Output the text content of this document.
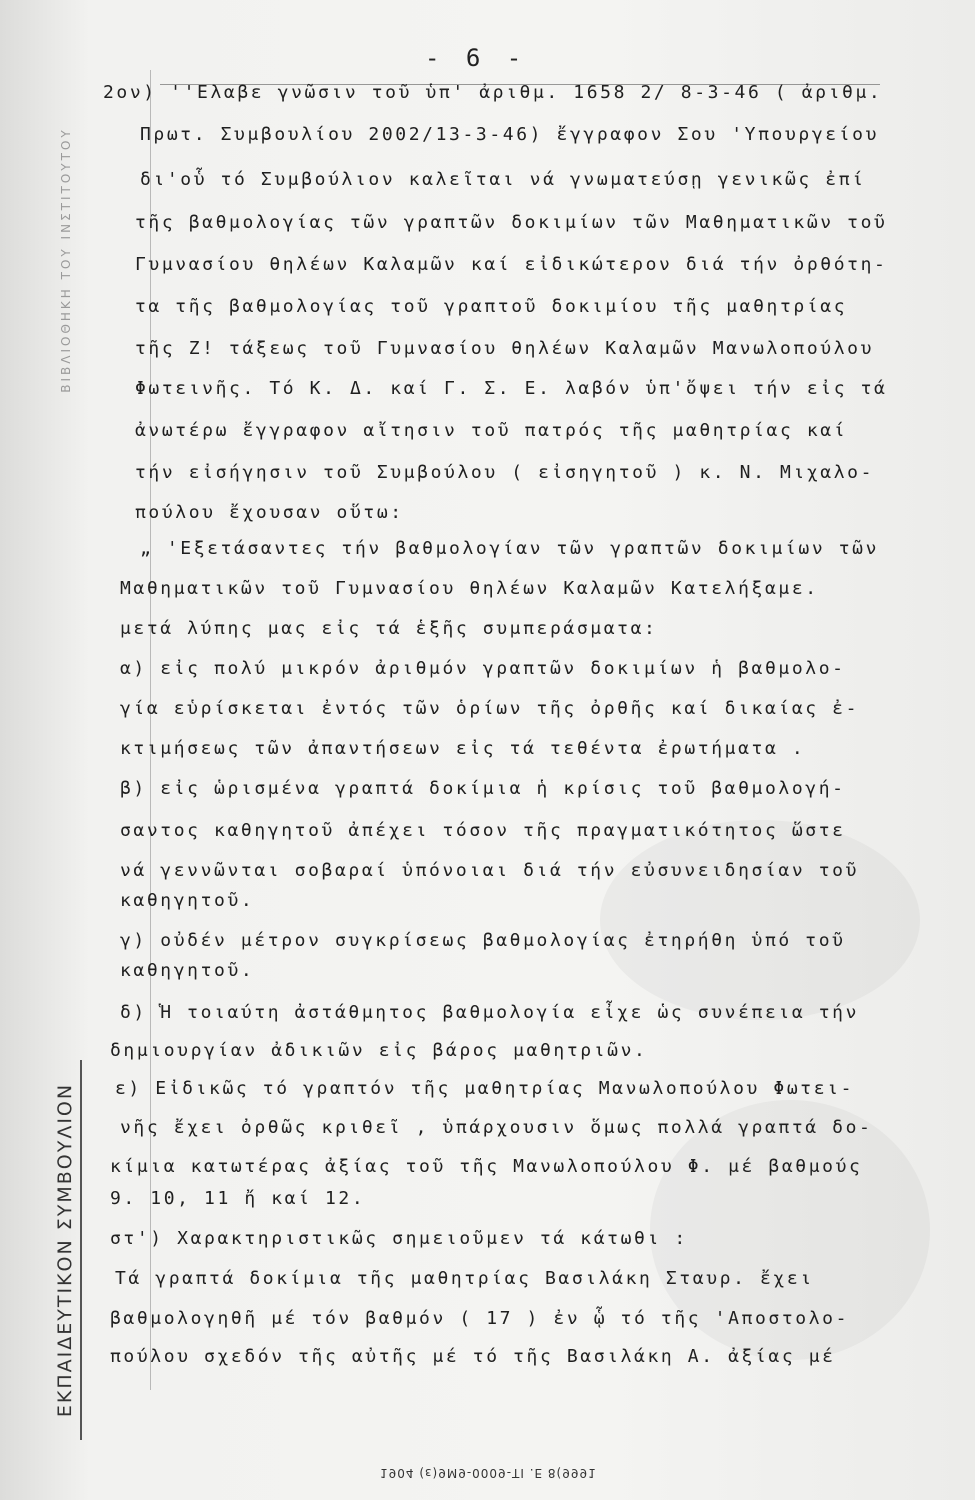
ΒΙΒΛΙΟΘΗΚΗ ΤΟΥ ΙΝΣΤΙΤΟΥΤΟΥ
ΕΚΠΑΙΔΕΥΤΙΚΟΝ ΣΥΜΒΟΥΛΙΟΝ
- 6 -
2ον) ''Ελαβε γνῶσιν τοῦ ὑπ' ἀριθμ. 1658 2/ 8-3-46 ( ἀριθμ.
Πρωτ. Συμβουλίου 2002/13-3-46) ἔγγραφον Σου 'Υπουργείου
δι'οὗ τό Συμβούλιον καλεῖται νά γνωματεύσῃ γενικῶς ἐπί
τῆς βαθμολογίας τῶν γραπτῶν δοκιμίων τῶν Μαθηματικῶν τοῦ
Γυμνασίου θηλέων Καλαμῶν καί εἰδικώτερον διά τήν ὀρθότη-
τα τῆς βαθμολογίας τοῦ γραπτοῦ δοκιμίου τῆς μαθητρίας
τῆς Ζ! τάξεως τοῦ Γυμνασίου θηλέων Καλαμῶν Μανωλοπούλου
Φωτεινῆς. Τό Κ. Δ. καί Γ. Σ. Ε. λαβόν ὑπ'ὄψει τήν εἰς τά
ἀνωτέρω ἔγγραφον αἴτησιν τοῦ πατρός τῆς μαθητρίας καί
τήν εἰσήγησιν τοῦ Συμβούλου ( εἰσηγητοῦ ) κ. Ν. Μιχαλο-
πούλου ἔχουσαν οὕτω:
„ 'Εξετάσαντες τήν βαθμολογίαν τῶν γραπτῶν δοκιμίων τῶν
Μαθηματικῶν τοῦ Γυμνασίου θηλέων Καλαμῶν Κατελήξαμε.
μετά λύπης μας εἰς τά ἑξῆς συμπεράσματα:
α) εἰς πολύ μικρόν ἀριθμόν γραπτῶν δοκιμίων ἡ βαθμολο-
γία εὑρίσκεται ἐντός τῶν ὁρίων τῆς ὀρθῆς καί δικαίας ἐ-
κτιμήσεως τῶν ἀπαντήσεων εἰς τά τεθέντα ἐρωτήματα .
β) εἰς ὡρισμένα γραπτά δοκίμια ἡ κρίσις τοῦ βαθμολογή-
σαντος καθηγητοῦ ἀπέχει τόσον τῆς πραγματικότητος ὥστε
νά γεννῶνται σοβαραί ὑπόνοιαι διά τήν εὐσυνειδησίαν τοῦ
καθηγητοῦ.
γ) οὐδέν μέτρον συγκρίσεως βαθμολογίας ἐτηρήθη ὑπό τοῦ
καθηγητοῦ.
δ) Ἡ τοιαύτη ἀστάθμητος βαθμολογία εἶχε ὡς συνέπεια τήν
δημιουργίαν ἀδικιῶν εἰς βάρος μαθητριῶν.
ε) Εἰδικῶς τό γραπτόν τῆς μαθητρίας Μανωλοπούλου Φωτει-
νῆς ἔχει ὀρθῶς κριθεῖ , ὑπάρχουσιν ὅμως πολλά γραπτά δο-
κίμια κατωτέρας ἀξίας τοῦ τῆς Μανωλοπούλου Φ. μέ βαθμούς
9. 10, 11 ἤ καί 12.
στ') Χαρακτηριστικῶς σημειοῦμεν τά κάτωθι :
Τά γραπτά δοκίμια τῆς μαθητρίας Βασιλάκη Σταυρ. ἔχει
βαθμολογηθῆ μέ τόν βαθμόν ( 17 ) ἐν ᾧ τό τῆς 'Αποστολο-
πούλου σχεδόν τῆς αὐτῆς μέ τό τῆς Βασιλάκη Α. ἀξίας μέ
1904 (ε)9Μ9-0009-ΤΙ .Ε 8(9991
